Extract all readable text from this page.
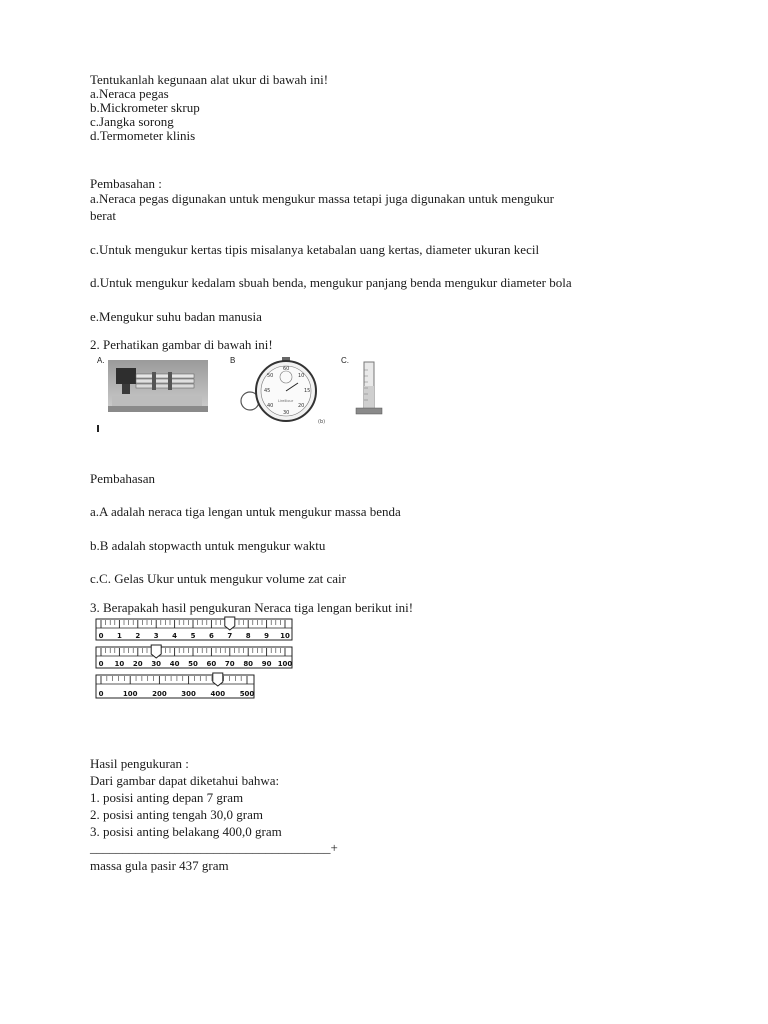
Tentukanlah kegunaan alat ukur di bawah ini!
a.Neraca pegas
b.Mickrometer skrup
c.Jangka sorong
d.Termometer klinis
Pembasahan :
a.Neraca pegas digunakan untuk mengukur massa tetapi juga digunakan untuk mengukur
berat
c.Untuk mengukur kertas tipis misalanya ketabalan uang kertas, diameter ukuran kecil
d.Untuk mengukur kedalam sbuah benda, mengukur panjang benda mengukur diameter bola
e.Mengukur suhu badan manusia
2. Perhatikan gambar di bawah ini!
A.	B	C.
60
10
15
20
30
40
45
50
Lirelliour
(b)
Pembahasan
a.A adalah neraca tiga lengan untuk mengukur massa benda
b.B adalah stopwacth untuk mengukur waktu
c.C. Gelas Ukur untuk mengukur volume zat cair
3. Berapakah hasil pengukuran Neraca tiga lengan berikut ini!
0 1 2 3 4 5 6 7 8 9 10
0 10 20 30 40 50 60 70 80 90 100
0	100 200 300 400 500
Hasil pengukuran :
Dari gambar dapat diketahui bahwa:
1. posisi anting depan 7 gram
2. posisi anting tengah 30,0 gram
3. posisi anting belakang 400,0 gram
_____________________________________+
massa gula pasir 437 gram
